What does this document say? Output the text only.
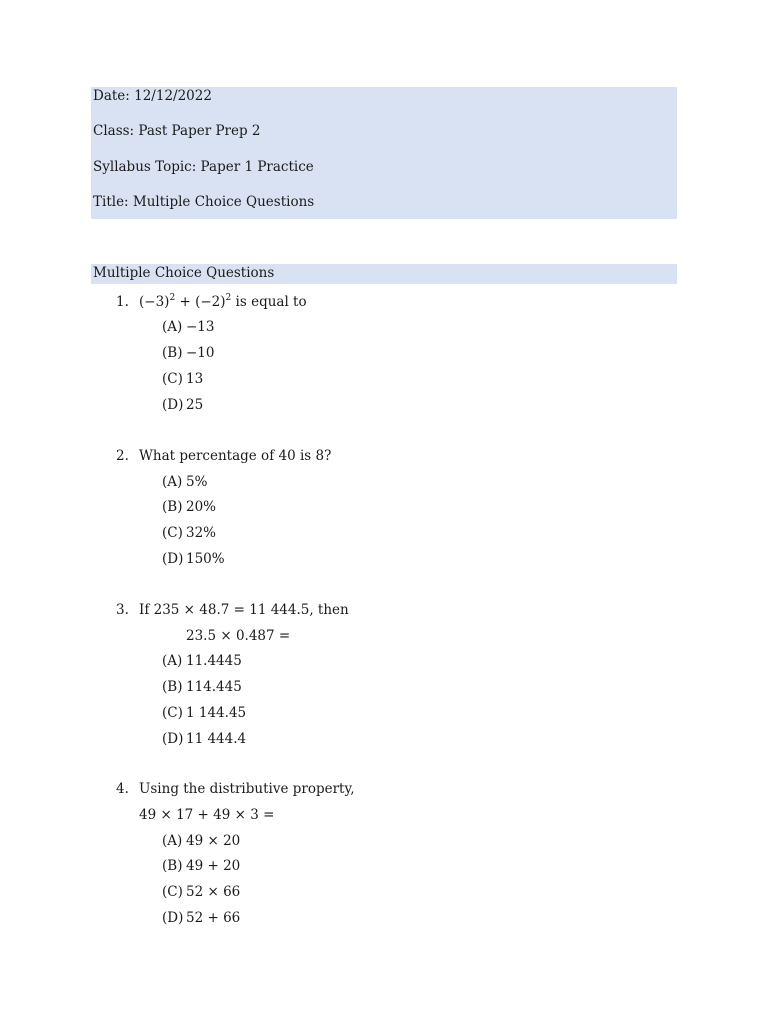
Date: 12/12/2022
Class: Past Paper Prep 2
Syllabus Topic: Paper 1 Practice
Title: Multiple Choice Questions
Multiple Choice Questions
1. $(-3)^2 + (-2)^2$ is equal to
(A) −13
(B) −10
(C) 13
(D) 25
2. What percentage of 40 is 8?
(A) 5%
(B) 20%
(C) 32%
(D) 150%
3. If 235 × 48.7 = 11 444.5, then
23.5 × 0.487 =
(A) 11.4445
(B) 114.445
(C) 1 144.45
(D) 11 444.4
4. Using the distributive property,
49 × 17 + 49 × 3 =
(A) 49 × 20
(B) 49 + 20
(C) 52 × 66
(D) 52 + 66
